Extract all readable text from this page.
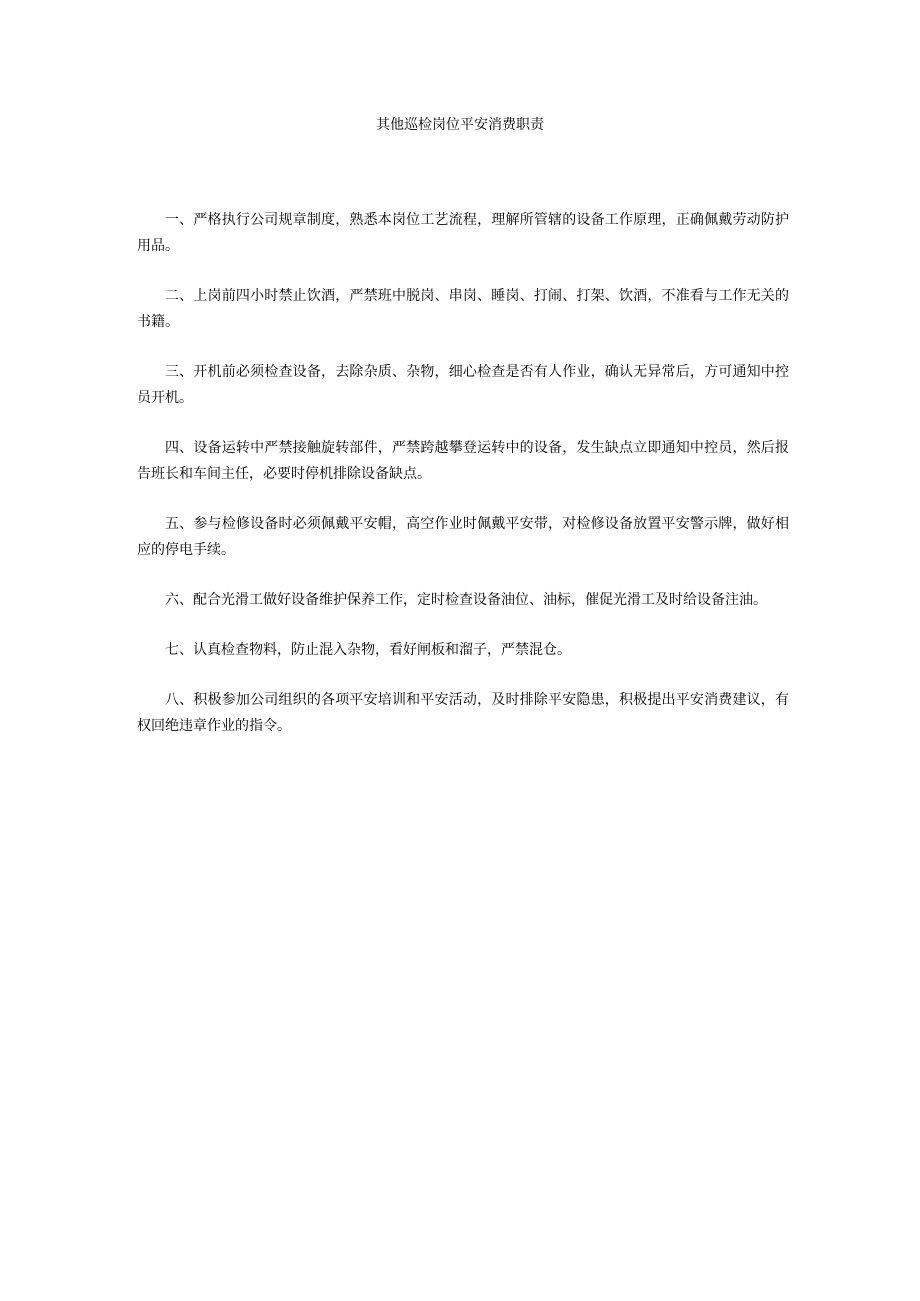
其他巡检岗位平安消费职责

一、严格执行公司规章制度，熟悉本岗位工艺流程，理解所管辖的设备工作原理，正确佩戴劳动防护用品。

二、上岗前四小时禁止饮酒，严禁班中脱岗、串岗、睡岗、打闹、打架、饮酒，不准看与工作无关的书籍。

三、开机前必须检查设备，去除杂质、杂物，细心检查是否有人作业，确认无异常后，方可通知中控员开机。

四、设备运转中严禁接触旋转部件，严禁跨越攀登运转中的设备，发生缺点立即通知中控员，然后报告班长和车间主任，必要时停机排除设备缺点。

五、参与检修设备时必须佩戴平安帽，高空作业时佩戴平安带，对检修设备放置平安警示牌，做好相应的停电手续。

六、配合光滑工做好设备维护保养工作，定时检查设备油位、油标，催促光滑工及时给设备注油。

七、认真检查物料，防止混入杂物，看好闸板和溜子，严禁混仓。

八、积极参加公司组织的各项平安培训和平安活动，及时排除平安隐患，积极提出平安消费建议，有权回绝违章作业的指令。
